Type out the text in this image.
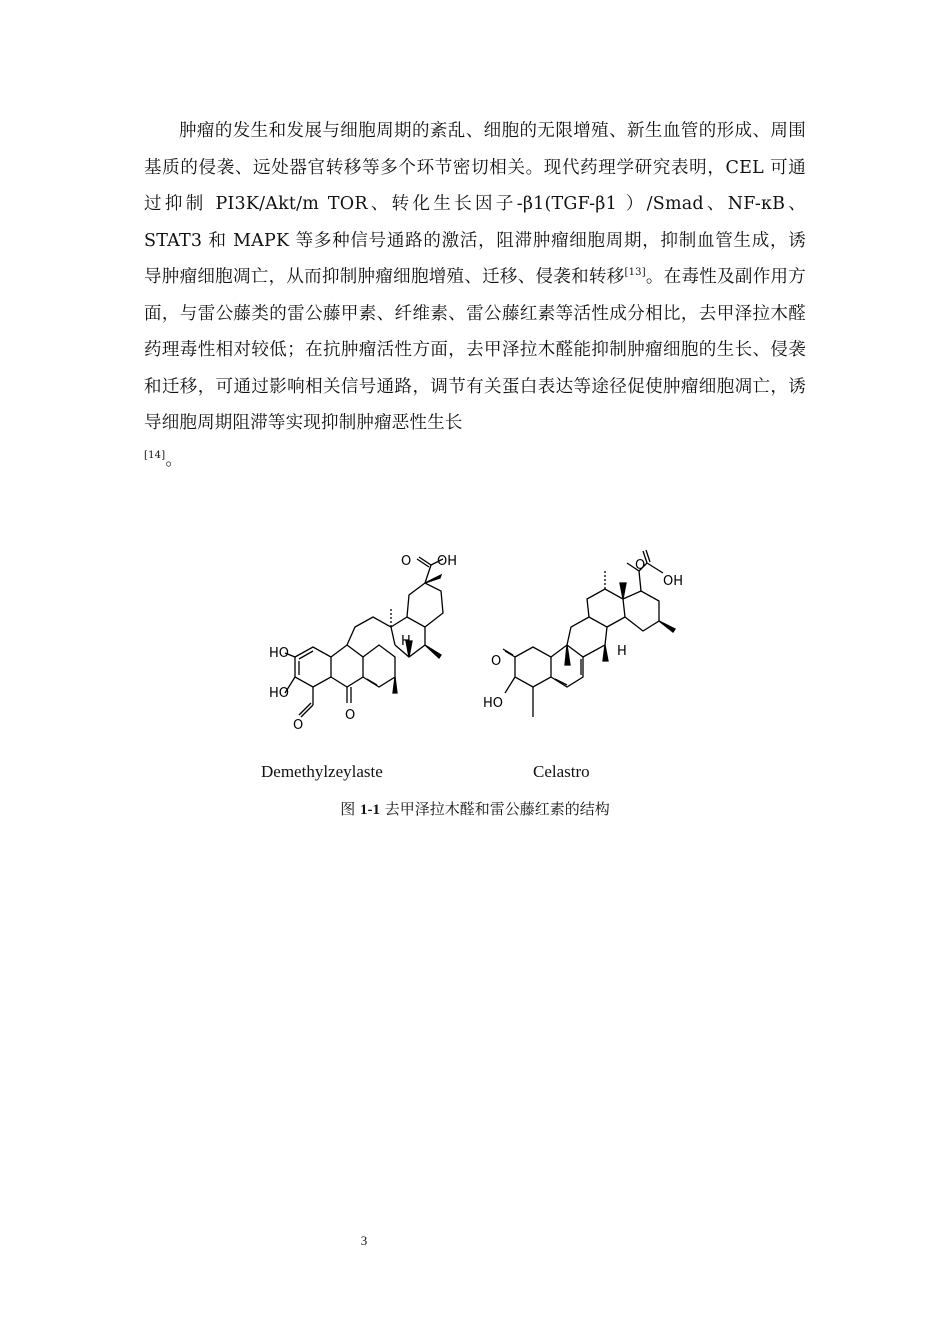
肿瘤的发生和发展与细胞周期的紊乱、细胞的无限增殖、新生血管的形成、周围基质的侵袭、远处器官转移等多个环节密切相关。现代药理学研究表明，CEL 可通过抑制 PI3K/Akt/m TOR、转化生长因子-β1(TGF-β1 ）/Smad、NF-κB、STAT3 和 MAPK 等多种信号通路的激活，阻滞肿瘤细胞周期，抑制血管生成，诱导肿瘤细胞凋亡，从而抑制肿瘤细胞增殖、迁移、侵袭和转移[13]。在毒性及副作用方面，与雷公藤类的雷公藤甲素、纤维素、雷公藤红素等活性成分相比，去甲泽拉木醛药理毒性相对较低；在抗肿瘤活性方面，去甲泽拉木醛能抑制肿瘤细胞的生长、侵袭和迁移，可通过影响相关信号通路，调节有关蛋白表达等途径促使肿瘤细胞凋亡，诱导细胞周期阻滞等实现抑制肿瘤恶性生长
[14]。

HO
HO
O
O
O OH
H
O
HO
O
OH
H
Demethylzeylaste	Celastro
图 1-1 去甲泽拉木醛和雷公藤红素的结构
3
